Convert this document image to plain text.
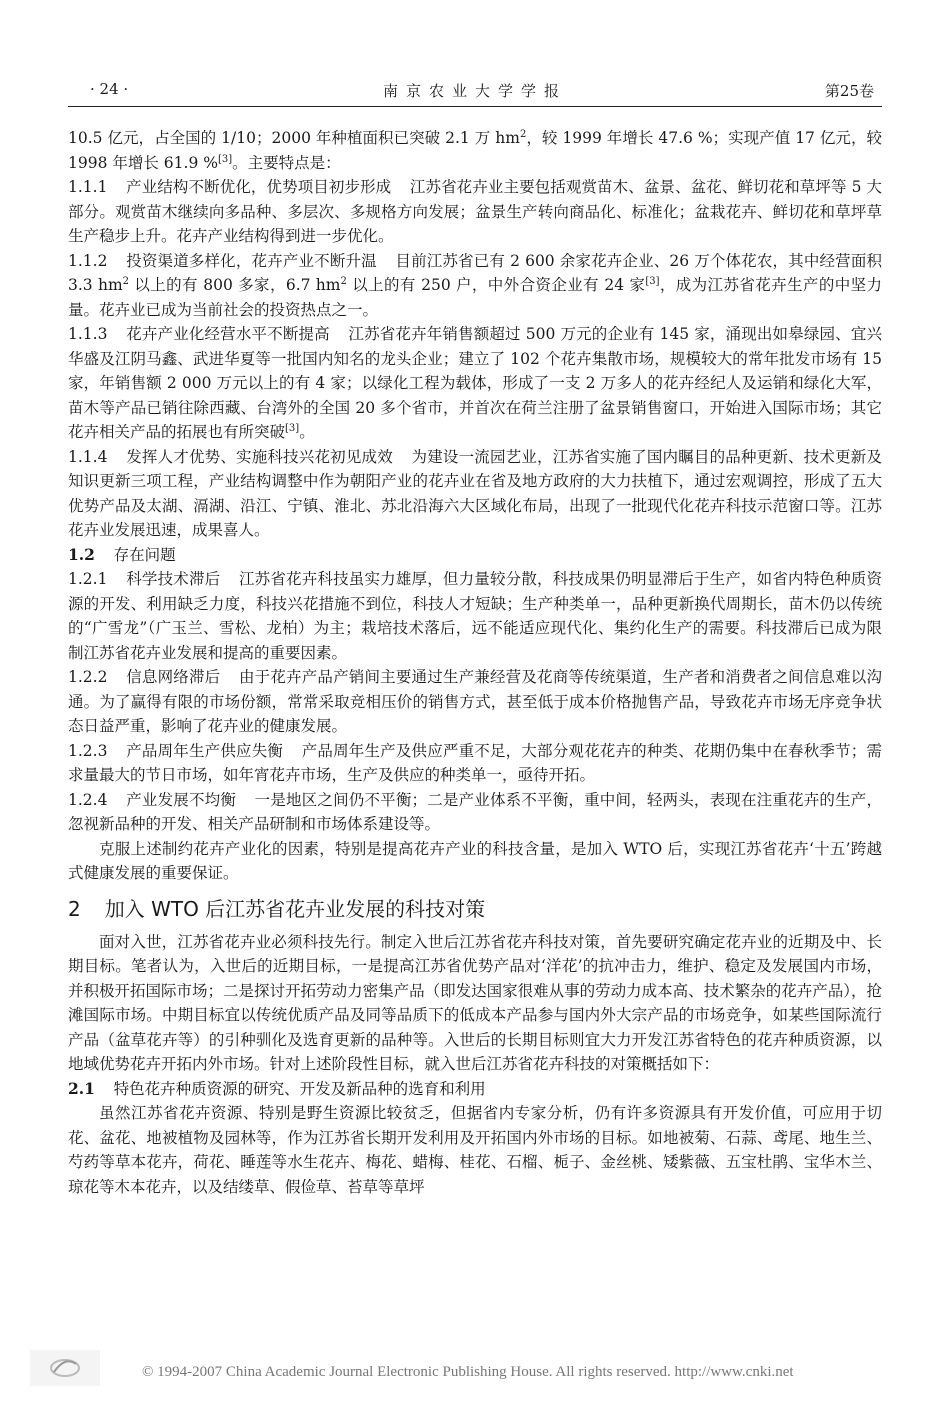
· 24 ·	南京农业大学学报	第25卷

10.5 亿元，占全国的 1/10；2000 年种植面积已突破 2.1 万 $hm^2$，较 1999 年增长 47.6 %；实现产值 17 亿元，较 1998 年增长 61.9 %[3]。主要特点是：

1.1.1 产业结构不断优化，优势项目初步形成 江苏省花卉业主要包括观赏苗木、盆景、盆花、鲜切花和草坪等 5 大部分。观赏苗木继续向多品种、多层次、多规格方向发展；盆景生产转向商品化、标准化；盆栽花卉、鲜切花和草坪草生产稳步上升。花卉产业结构得到进一步优化。

1.1.2 投资渠道多样化，花卉产业不断升温 目前江苏省已有 2 600 余家花卉企业、26 万个体花农，其中经营面积 3.3 $hm^2$ 以上的有 800 多家，6.7 $hm^2$ 以上的有 250 户，中外合资企业有 24 家[3]，成为江苏省花卉生产的中坚力量。花卉业已成为当前社会的投资热点之一。

1.1.3 花卉产业化经营水平不断提高 江苏省花卉年销售额超过 500 万元的企业有 145 家，涌现出如皋绿园、宜兴华盛及江阴马鑫、武进华夏等一批国内知名的龙头企业；建立了 102 个花卉集散市场，规模较大的常年批发市场有 15 家，年销售额 2 000 万元以上的有 4 家；以绿化工程为载体，形成了一支 2 万多人的花卉经纪人及运销和绿化大军，苗木等产品已销往除西藏、台湾外的全国 20 多个省市，并首次在荷兰注册了盆景销售窗口，开始进入国际市场；其它花卉相关产品的拓展也有所突破[3]。

1.1.4 发挥人才优势、实施科技兴花初见成效 为建设一流园艺业，江苏省实施了国内瞩目的品种更新、技术更新及知识更新三项工程，产业结构调整中作为朝阳产业的花卉业在省及地方政府的大力扶植下，通过宏观调控，形成了五大优势产品及太湖、滆湖、沿江、宁镇、淮北、苏北沿海六大区域化布局，出现了一批现代化花卉科技示范窗口等。江苏花卉业发展迅速，成果喜人。

1.2 存在问题

1.2.1 科学技术滞后 江苏省花卉科技虽实力雄厚，但力量较分散，科技成果仍明显滞后于生产，如省内特色种质资源的开发、利用缺乏力度，科技兴花措施不到位，科技人才短缺；生产种类单一，品种更新换代周期长，苗木仍以传统的“广雪龙”（广玉兰、雪松、龙柏）为主；栽培技术落后，远不能适应现代化、集约化生产的需要。科技滞后已成为限制江苏省花卉业发展和提高的重要因素。

1.2.2 信息网络滞后 由于花卉产品产销间主要通过生产兼经营及花商等传统渠道，生产者和消费者之间信息难以沟通。为了赢得有限的市场份额，常常采取竞相压价的销售方式，甚至低于成本价格抛售产品，导致花卉市场无序竞争状态日益严重，影响了花卉业的健康发展。

1.2.3 产品周年生产供应失衡 产品周年生产及供应严重不足，大部分观花花卉的种类、花期仍集中在春秋季节；需求量最大的节日市场，如年宵花卉市场，生产及供应的种类单一，亟待开拓。

1.2.4 产业发展不均衡 一是地区之间仍不平衡；二是产业体系不平衡，重中间，轻两头，表现在注重花卉的生产，忽视新品种的开发、相关产品研制和市场体系建设等。

克服上述制约花卉产业化的因素，特别是提高花卉产业的科技含量，是加入 WTO 后，实现江苏省花卉‘十五’跨越式健康发展的重要保证。

2 加入 WTO 后江苏省花卉业发展的科技对策

面对入世，江苏省花卉业必须科技先行。制定入世后江苏省花卉科技对策，首先要研究确定花卉业的近期及中、长期目标。笔者认为，入世后的近期目标，一是提高江苏省优势产品对‘洋花’的抗冲击力，维护、稳定及发展国内市场，并积极开拓国际市场；二是探讨开拓劳动力密集产品（即发达国家很难从事的劳动力成本高、技术繁杂的花卉产品），抢滩国际市场。中期目标宜以传统优质产品及同等品质下的低成本产品参与国内外大宗产品的市场竞争，如某些国际流行产品（盆草花卉等）的引种驯化及选育更新的品种等。入世后的长期目标则宜大力开发江苏省特色的花卉种质资源，以地域优势花卉开拓内外市场。针对上述阶段性目标，就入世后江苏省花卉科技的对策概括如下：

2.1 特色花卉种质资源的研究、开发及新品种的选育和利用

虽然江苏省花卉资源、特别是野生资源比较贫乏，但据省内专家分析，仍有许多资源具有开发价值，可应用于切花、盆花、地被植物及园林等，作为江苏省长期开发利用及开拓国内外市场的目标。如地被菊、石蒜、鸢尾、地生兰、芍药等草本花卉，荷花、睡莲等水生花卉、梅花、蜡梅、桂花、石榴、栀子、金丝桃、矮紫薇、五宝杜鹃、宝华木兰、琼花等木本花卉，以及结缕草、假俭草、苔草等草坪

© 1994-2007 China Academic Journal Electronic Publishing House. All rights reserved. http://www.cnki.net
